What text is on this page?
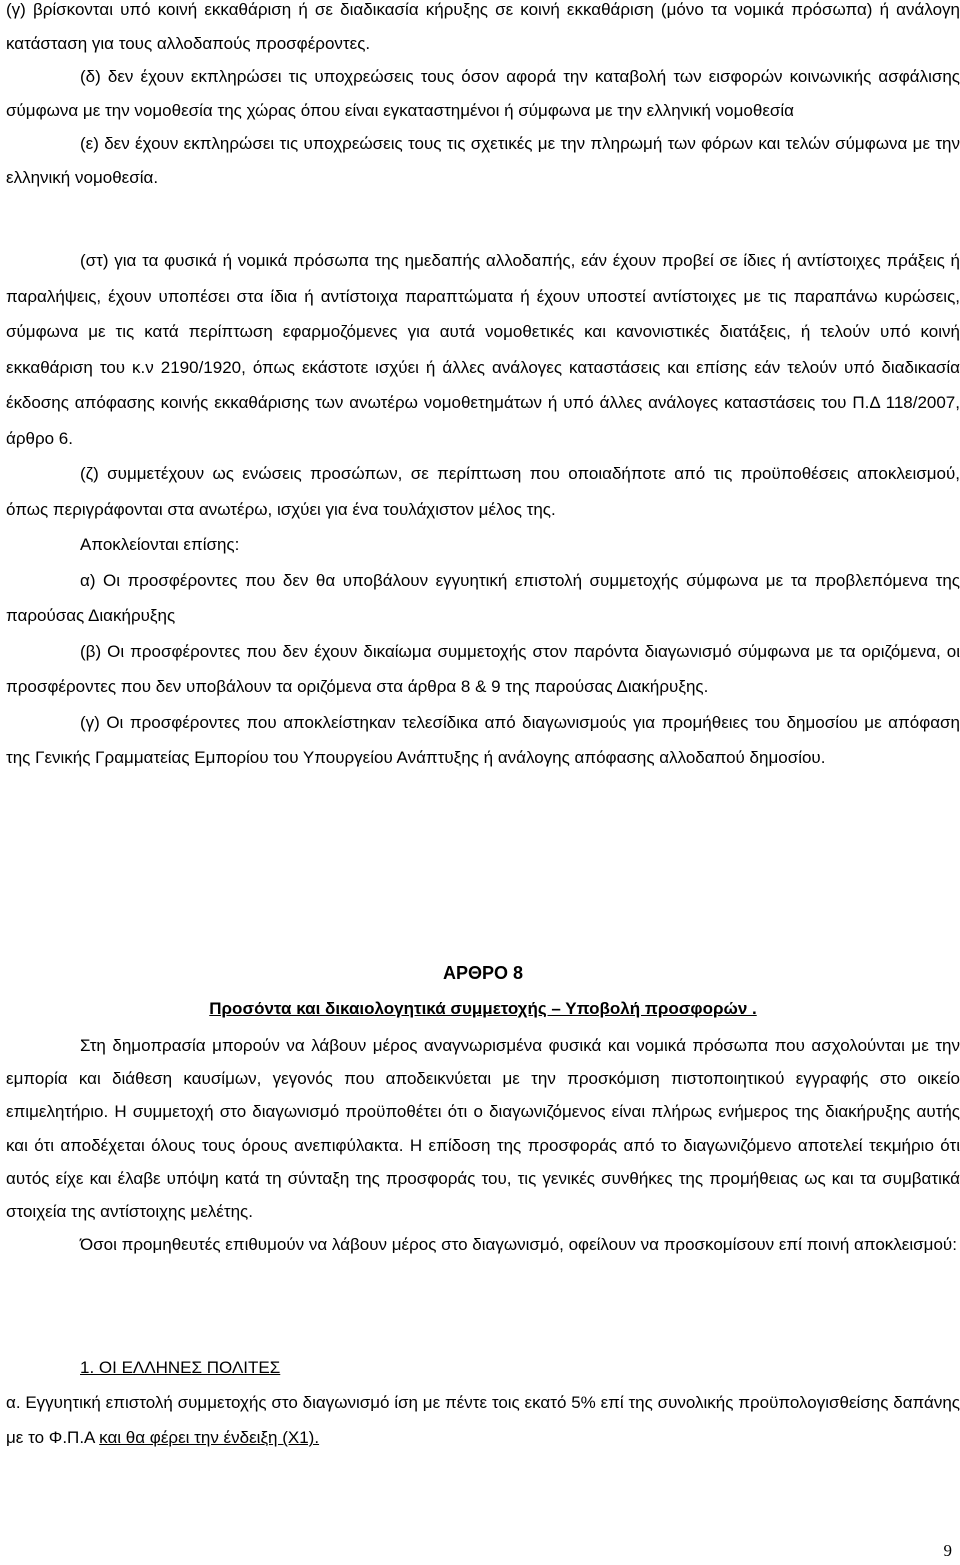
(γ) βρίσκονται υπό κοινή εκκαθάριση ή σε διαδικασία κήρυξης σε κοινή εκκαθάριση (μόνο τα νομικά πρόσωπα) ή ανάλογη κατάσταση για τους αλλοδαπούς προσφέροντες.

(δ) δεν έχουν εκπληρώσει τις υποχρεώσεις τους όσον αφορά την καταβολή των εισφορών κοινωνικής ασφάλισης σύμφωνα με την νομοθεσία της χώρας όπου είναι εγκαταστημένοι ή σύμφωνα με την ελληνική νομοθεσία

(ε) δεν έχουν εκπληρώσει τις υποχρεώσεις τους τις σχετικές με την πληρωμή των φόρων και τελών σύμφωνα με την ελληνική νομοθεσία.

(στ) για τα φυσικά ή νομικά πρόσωπα της ημεδαπής αλλοδαπής, εάν έχουν προβεί σε ίδιες ή αντίστοιχες πράξεις ή παραλήψεις, έχουν υποπέσει στα ίδια ή αντίστοιχα παραπτώματα ή έχουν υποστεί αντίστοιχες με τις παραπάνω κυρώσεις, σύμφωνα με τις κατά περίπτωση εφαρμοζόμενες για αυτά νομοθετικές και κανονιστικές διατάξεις, ή τελούν υπό κοινή εκκαθάριση του κ.ν 2190/1920, όπως εκάστοτε ισχύει ή άλλες ανάλογες καταστάσεις και επίσης εάν τελούν υπό διαδικασία έκδοσης απόφασης κοινής εκκαθάρισης των ανωτέρω νομοθετημάτων ή υπό άλλες ανάλογες καταστάσεις του Π.Δ 118/2007, άρθρο 6.

(ζ) συμμετέχουν ως ενώσεις προσώπων, σε περίπτωση που οποιαδήποτε από τις προϋποθέσεις αποκλεισμού, όπως περιγράφονται στα ανωτέρω, ισχύει για ένα τουλάχιστον μέλος της.

Αποκλείονται επίσης:

α) Οι προσφέροντες που δεν θα υποβάλουν εγγυητική επιστολή συμμετοχής σύμφωνα με τα προβλεπόμενα της παρούσας Διακήρυξης

(β) Οι προσφέροντες που δεν έχουν δικαίωμα συμμετοχής στον παρόντα διαγωνισμό σύμφωνα με τα οριζόμενα, οι προσφέροντες που δεν υποβάλουν τα οριζόμενα στα άρθρα 8 & 9 της παρούσας Διακήρυξης.

(γ) Οι προσφέροντες που αποκλείστηκαν τελεσίδικα από διαγωνισμούς για προμήθειες του δημοσίου με απόφαση της Γενικής Γραμματείας Εμπορίου του Υπουργείου Ανάπτυξης ή ανάλογης απόφασης αλλοδαπού δημοσίου.

ΑΡΘΡΟ 8
Προσόντα και δικαιολογητικά συμμετοχής – Υποβολή προσφορών .

Στη δημοπρασία μπορούν να λάβουν μέρος αναγνωρισμένα φυσικά και νομικά πρόσωπα που ασχολούνται με την εμπορία και διάθεση καυσίμων, γεγονός που αποδεικνύεται με την προσκόμιση πιστοποιητικού εγγραφής στο οικείο επιμελητήριο. Η συμμετοχή στο διαγωνισμό προϋποθέτει ότι ο διαγωνιζόμενος είναι πλήρως ενήμερος της διακήρυξης αυτής και ότι αποδέχεται όλους τους όρους ανεπιφύλακτα. Η επίδοση της προσφοράς από το διαγωνιζόμενο αποτελεί τεκμήριο ότι αυτός είχε και έλαβε υπόψη κατά τη σύνταξη της προσφοράς του, τις γενικές συνθήκες της προμήθειας ως και τα συμβατικά στοιχεία της αντίστοιχης μελέτης.

Όσοι προμηθευτές επιθυμούν να λάβουν μέρος στο διαγωνισμό, οφείλουν να προσκομίσουν επί ποινή αποκλεισμού:

1. ΟΙ ΕΛΛΗΝΕΣ ΠΟΛΙΤΕΣ

α. Εγγυητική επιστολή συμμετοχής στο διαγωνισμό ίση με πέντε τοις εκατό 5% επί της συνολικής προϋπολογισθείσης δαπάνης με το Φ.Π.Α και θα φέρει την ένδειξη (Χ1).

9
